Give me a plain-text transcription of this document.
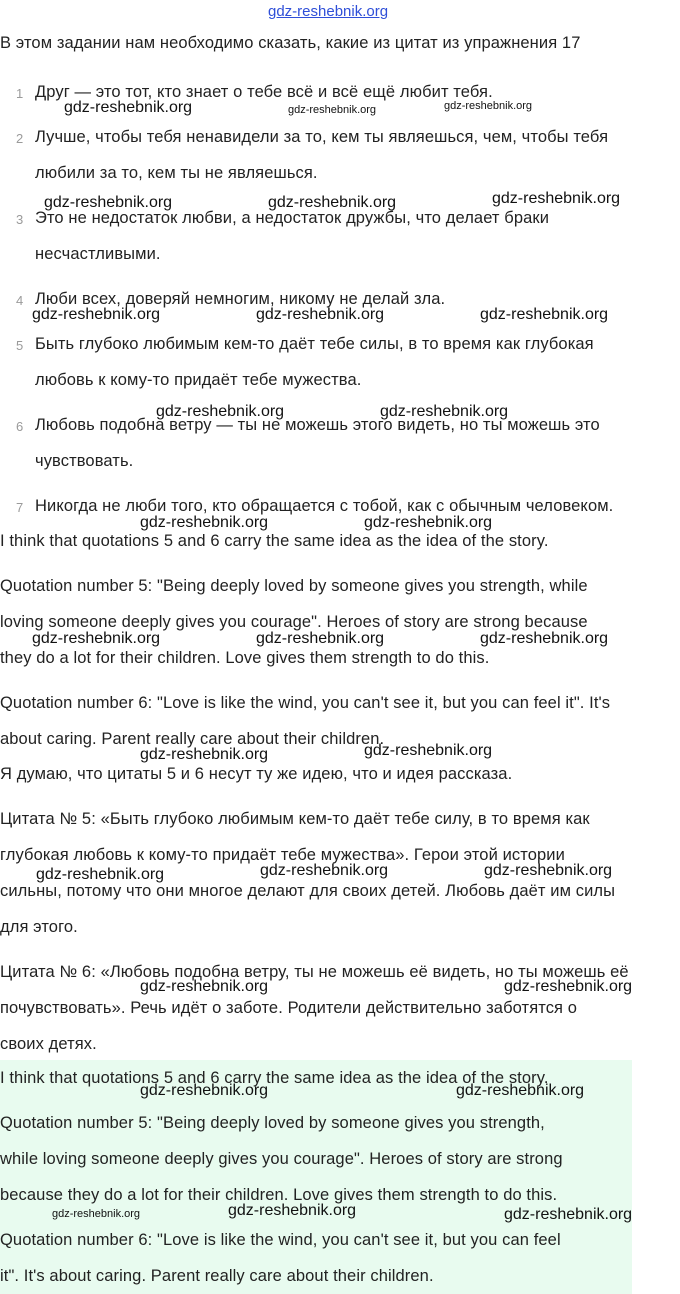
gdz-reshebnik.org
В этом задании нам необходимо сказать, какие из цитат из упражнения 17

1 Друг — это тот, кто знает о тебе всё и всё ещё любит тебя.
2 Лучше, чтобы тебя ненавидели за то, кем ты являешься, чем, чтобы тебя
любили за то, кем ты не являешься.
3 Это не недостаток любви, а недостаток дружбы, что делает браки
несчастливыми.
4 Люби всех, доверяй немногим, никому не делай зла.
5 Быть глубоко любимым кем-то даёт тебе силы, в то время как глубокая
любовь к кому-то придаёт тебе мужества.
6 Любовь подобна ветру — ты не можешь этого видеть, но ты можешь это
чувствовать.
7 Никогда не люби того, кто обращается с тобой, как с обычным человеком.
I think that quotations 5 and 6 carry the same idea as the idea of the story.
Quotation number 5: "Being deeply loved by someone gives you strength, while
loving someone deeply gives you courage". Heroes of story are strong because
they do a lot for their children. Love gives them strength to do this.
Quotation number 6: "Love is like the wind, you can't see it, but you can feel it". It's
about caring. Parent really care about their children.
Я думаю, что цитаты 5 и 6 несут ту же идею, что и идея рассказа.
Цитата № 5: «Быть глубоко любимым кем-то даёт тебе силу, в то время как
глубокая любовь к кому-то придаёт тебе мужества». Герои этой истории
сильны, потому что они многое делают для своих детей. Любовь даёт им силы
для этого.
Цитата № 6: «Любовь подобна ветру, ты не можешь её видеть, но ты можешь её
почувствовать». Речь идёт о заботе. Родители действительно заботятся о
своих детях.
I think that quotations 5 and 6 carry the same idea as the idea of the story.
Quotation number 5: "Being deeply loved by someone gives you strength,
while loving someone deeply gives you courage". Heroes of story are strong
because they do a lot for their children. Love gives them strength to do this.
Quotation number 6: "Love is like the wind, you can't see it, but you can feel
it". It's about caring. Parent really care about their children.
gdz-reshebnik.org	gdz-reshebnik.org	gdz-reshebnik.org
gdz-reshebnik.org	gdz-reshebnik.org	gdz-reshebnik.org
gdz-reshebnik.org	gdz-reshebnik.org	gdz-reshebnik.org
gdz-reshebnik.org	gdz-reshebnik.org
gdz-reshebnik.org	gdz-reshebnik.org
gdz-reshebnik.org	gdz-reshebnik.org	gdz-reshebnik.org
gdz-reshebnik.org	gdz-reshebnik.org
gdz-reshebnik.org	gdz-reshebnik.org	gdz-reshebnik.org
gdz-reshebnik.org	gdz-reshebnik.org
gdz-reshebnik.org	gdz-reshebnik.org
gdz-reshebnik.org	gdz-reshebnik.org	gdz-reshebnik.org
